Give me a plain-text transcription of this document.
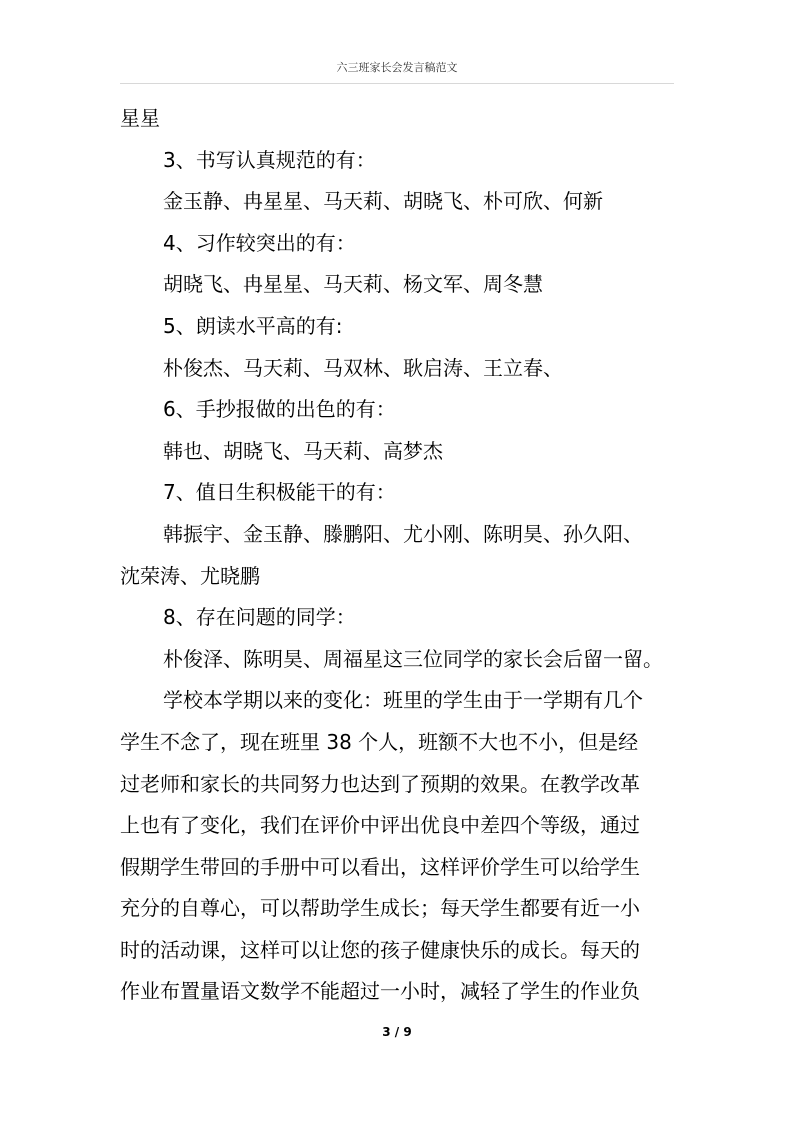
六三班家长会发言稿范文
星星
3、书写认真规范的有：
金玉静、冉星星、马天莉、胡晓飞、朴可欣、何新
4、习作较突出的有：
胡晓飞、冉星星、马天莉、杨文军、周冬慧
5、朗读水平高的有:
朴俊杰、马天莉、马双林、耿启涛、王立春、
6、手抄报做的出色的有：
韩也、胡晓飞、马天莉、高梦杰
7、值日生积极能干的有：
韩振宇、金玉静、滕鹏阳、尤小刚、陈明昊、孙久阳、
沈荣涛、尤晓鹏
8、存在问题的同学：
朴俊泽、陈明昊、周福星这三位同学的家长会后留一留。
学校本学期以来的变化：班里的学生由于一学期有几个
学生不念了，现在班里 38 个人，班额不大也不小，但是经
过老师和家长的共同努力也达到了预期的效果。在教学改革
上也有了变化，我们在评价中评出优良中差四个等级，通过
假期学生带回的手册中可以看出，这样评价学生可以给学生
充分的自尊心，可以帮助学生成长；每天学生都要有近一小
时的活动课，这样可以让您的孩子健康快乐的成长。每天的
作业布置量语文数学不能超过一小时，减轻了学生的作业负
3 / 9
